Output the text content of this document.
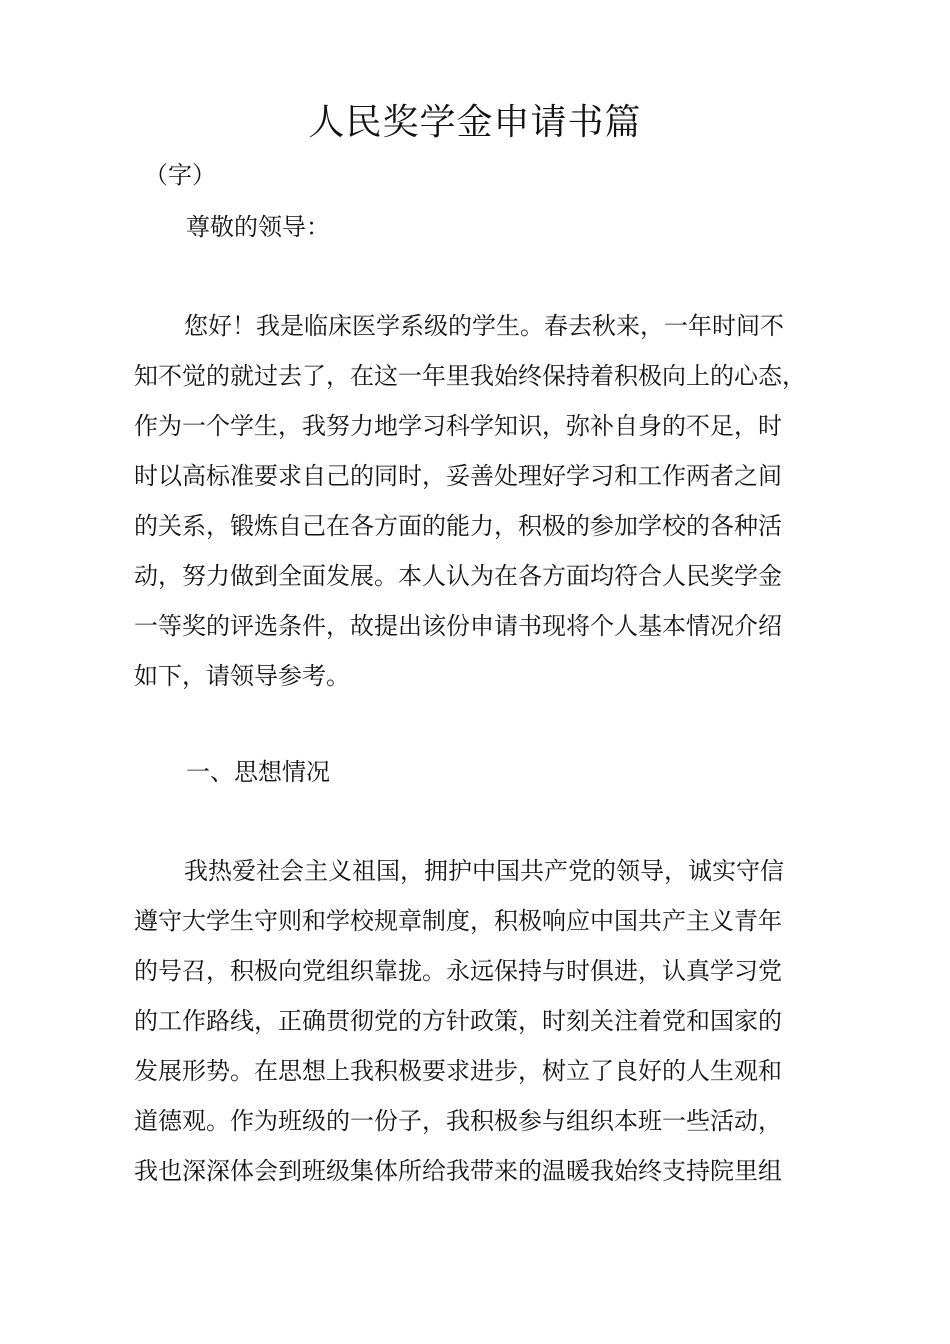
人民奖学金申请书篇
（字）
尊敬的领导：
您好！我是临床医学系级的学生。春去秋来，一年时间不
知不觉的就过去了，在这一年里我始终保持着积极向上的心态，
作为一个学生，我努力地学习科学知识，弥补自身的不足，时
时以高标准要求自己的同时，妥善处理好学习和工作两者之间
的关系，锻炼自己在各方面的能力，积极的参加学校的各种活
动，努力做到全面发展。本人认为在各方面均符合人民奖学金
一等奖的评选条件，故提出该份申请书现将个人基本情况介绍
如下，请领导参考。
一、思想情况
我热爱社会主义祖国，拥护中国共产党的领导，诚实守信
遵守大学生守则和学校规章制度，积极响应中国共产主义青年
的号召，积极向党组织靠拢。永远保持与时俱进，认真学习党
的工作路线，正确贯彻党的方针政策，时刻关注着党和国家的
发展形势。在思想上我积极要求进步，树立了良好的人生观和
道德观。作为班级的一份子，我积极参与组织本班一些活动，
我也深深体会到班级集体所给我带来的温暖我始终支持院里组
